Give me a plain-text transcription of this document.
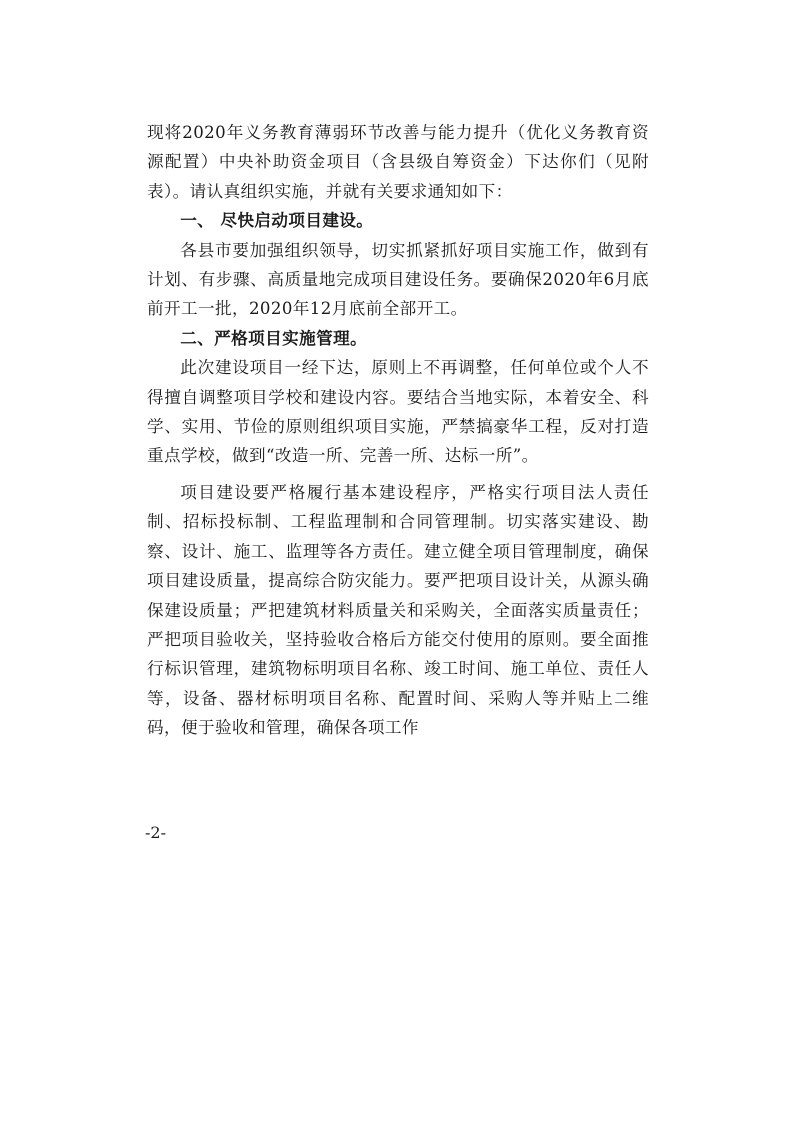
现将2020年义务教育薄弱环节改善与能力提升（优化义务教育资源配置）中央补助资金项目（含县级自筹资金）下达你们（见附表）。请认真组织实施，并就有关要求通知如下：

一、 尽快启动项目建设。

各县市要加强组织领导，切实抓紧抓好项目实施工作，做到有计划、有步骤、高质量地完成项目建设任务。要确保2020年6月底前开工一批，2020年12月底前全部开工。

二、严格项目实施管理。

此次建设项目一经下达，原则上不再调整，任何单位或个人不得擅自调整项目学校和建设内容。要结合当地实际，本着安全、科学、实用、节俭的原则组织项目实施，严禁搞豪华工程，反对打造重点学校，做到“改造一所、完善一所、达标一所”。

项目建设要严格履行基本建设程序，严格实行项目法人责任制、招标投标制、工程监理制和合同管理制。切实落实建设、勘察、设计、施工、监理等各方责任。建立健全项目管理制度，确保项目建设质量，提高综合防灾能力。要严把项目设计关，从源头确保建设质量；严把建筑材料质量关和采购关，全面落实质量责任；严把项目验收关，坚持验收合格后方能交付使用的原则。要全面推行标识管理，建筑物标明项目名称、竣工时间、施工单位、责任人等，设备、器材标明项目名称、配置时间、采购人等并贴上二维码，便于验收和管理，确保各项工作

-2-
